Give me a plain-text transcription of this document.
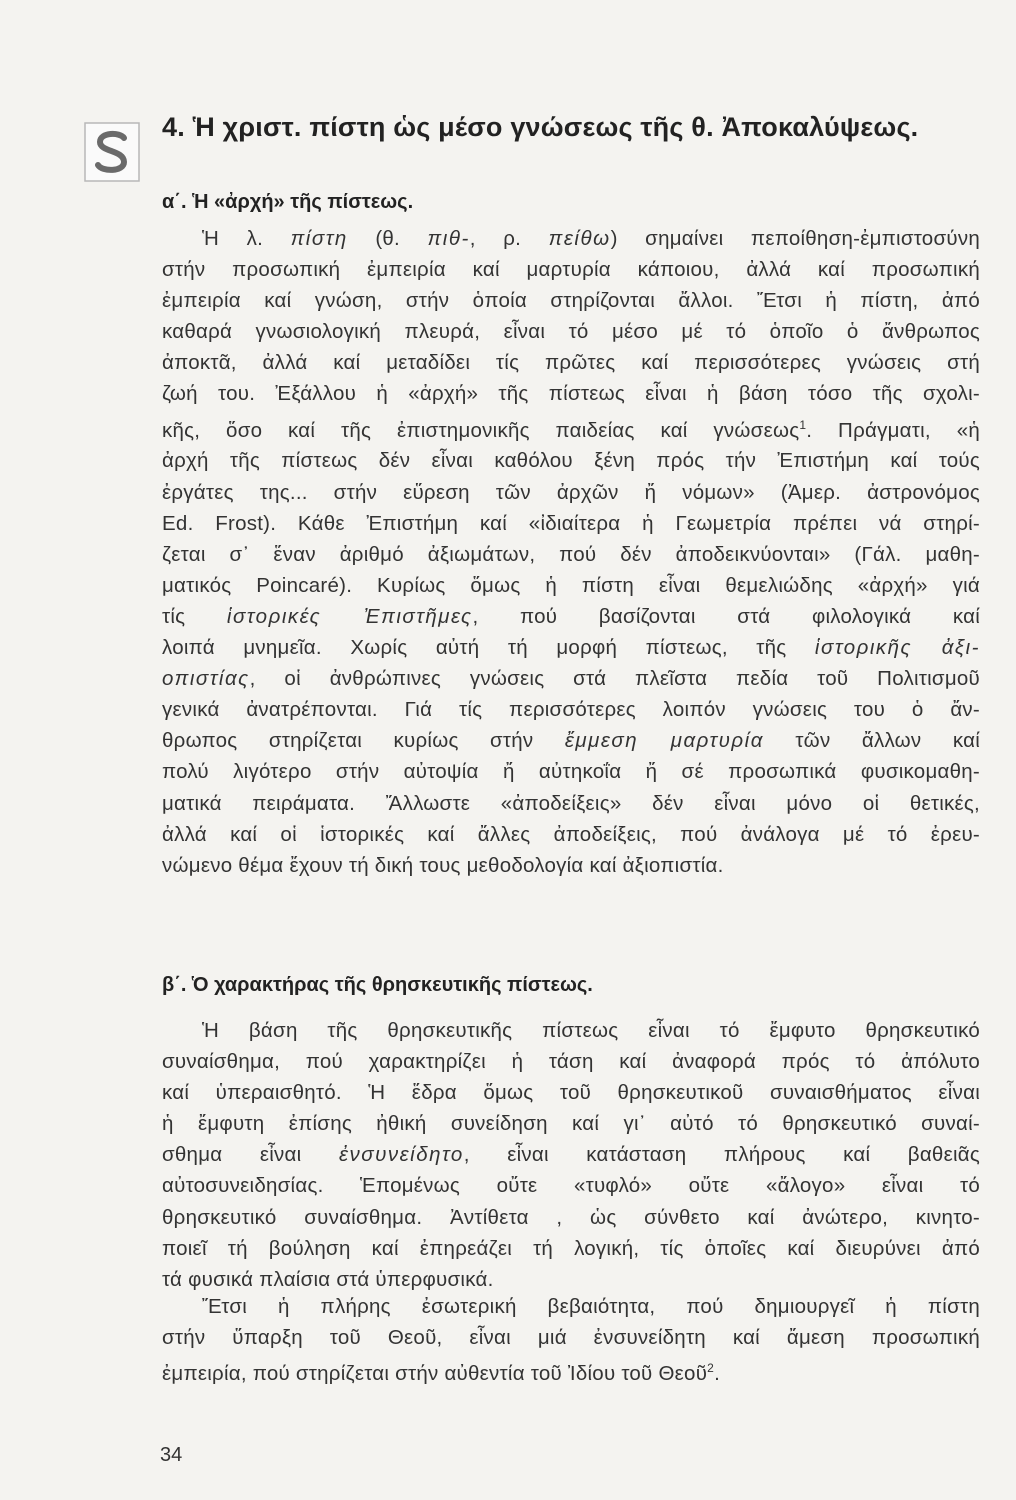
4. Ἡ χριστ. πίστη ὡς μέσο γνώσεως τῆς θ. Ἀποκαλύψεως.
α΄. Ἡ «ἀρχή» τῆς πίστεως.
Ἡ λ. πίστη (θ. πιθ-, ρ. πείθω) σημαίνει πεποίθηση-ἐμπιστοσύνη
στήν προσωπική ἐμπειρία καί μαρτυρία κάποιου, ἀλλά καί προσωπική
ἐμπειρία καί γνώση, στήν ὁποία στηρίζονται ἄλλοι. Ἔτσι ἡ πίστη, ἀπό
καθαρά γνωσιολογική πλευρά, εἶναι τό μέσο μέ τό ὁποῖο ὁ ἄνθρωπος
ἀποκτᾶ, ἀλλά καί μεταδίδει τίς πρῶτες καί περισσότερες γνώσεις στή
ζωή του. Ἐξάλλου ἡ «ἀρχή» τῆς πίστεως εἶναι ἡ βάση τόσο τῆς σχολι-
κῆς, ὅσο καί τῆς ἐπιστημονικῆς παιδείας καί γνώσεως$^1$. Πράγματι, «ἡ
ἀρχή τῆς πίστεως δέν εἶναι καθόλου ξένη πρός τήν Ἐπιστήμη καί τούς
ἐργάτες της... στήν εὕρεση τῶν ἀρχῶν ἤ νόμων» (Ἀμερ. ἀστρονόμος
Ed. Frost). Κάθε Ἐπιστήμη καί «ἰδιαίτερα ἡ Γεωμετρία πρέπει νά στηρί-
ζεται σ᾽ ἕναν ἀριθμό ἀξιωμάτων, πού δέν ἀποδεικνύονται» (Γάλ. μαθη-
ματικός Poincaré). Κυρίως ὅμως ἡ πίστη εἶναι θεμελιώδης «ἀρχή» γιά
τίς ἱστορικές Ἐπιστῆμες, πού βασίζονται στά φιλολογικά καί
λοιπά μνημεῖα. Χωρίς αὐτή τή μορφή πίστεως, τῆς ἱστορικῆς ἀξι-
οπιστίας, οἱ ἀνθρώπινες γνώσεις στά πλεῖστα πεδία τοῦ Πολιτισμοῦ
γενικά ἀνατρέπονται. Γιά τίς περισσότερες λοιπόν γνώσεις του ὁ ἄν-
θρωπος στηρίζεται κυρίως στήν ἔμμεση μαρτυρία τῶν ἄλλων καί
πολύ λιγότερο στήν αὐτοψία ἤ αὐτηκοΐα ἤ σέ προσωπικά φυσικομαθη-
ματικά πειράματα. Ἄλλωστε «ἀποδείξεις» δέν εἶναι μόνο οἱ θετικές,
ἀλλά καί οἱ ἱστορικές καί ἄλλες ἀποδείξεις, πού ἀνάλογα μέ τό ἐρευ-
νώμενο θέμα ἔχουν τή δική τους μεθοδολογία καί ἀξιοπιστία.
β΄. Ὁ χαρακτήρας τῆς θρησκευτικῆς πίστεως.
Ἡ βάση τῆς θρησκευτικῆς πίστεως εἶναι τό ἔμφυτο θρησκευτικό
συναίσθημα, πού χαρακτηρίζει ἡ τάση καί ἀναφορά πρός τό ἀπόλυτο
καί ὑπεραισθητό. Ἡ ἕδρα ὅμως τοῦ θρησκευτικοῦ συναισθήματος εἶναι
ἡ ἔμφυτη ἐπίσης ἠθική συνείδηση καί γι᾽ αὐτό τό θρησκευτικό συναί-
σθημα εἶναι ἐνσυνείδητο, εἶναι κατάσταση πλήρους καί βαθειᾶς
αὐτοσυνειδησίας. Ἑπομένως οὔτε «τυφλό» οὔτε «ἄλογο» εἶναι τό
θρησκευτικό συναίσθημα. Ἀντίθετα , ὡς σύνθετο καί ἀνώτερο, κινητο-
ποιεῖ τή βούληση καί ἐπηρεάζει τή λογική, τίς ὁποῖες καί διευρύνει ἀπό
τά φυσικά πλαίσια στά ὑπερφυσικά.
Ἔτσι ἡ πλήρης ἐσωτερική βεβαιότητα, πού δημιουργεῖ ἡ πίστη
στήν ὕπαρξη τοῦ Θεοῦ, εἶναι μιά ἐνσυνείδητη καί ἄμεση προσωπική
ἐμπειρία, πού στηρίζεται στήν αὐθεντία τοῦ Ἰδίου τοῦ Θεοῦ$^2$.
34
